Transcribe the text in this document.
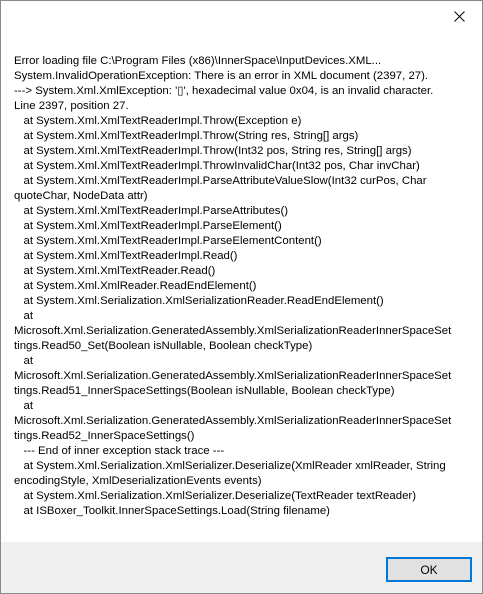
Error loading file C:\Program Files (x86)\InnerSpace\InputDevices.XML...
System.InvalidOperationException: There is an error in XML document (2397, 27).
---> System.Xml.XmlException: '▯', hexadecimal value 0x04, is an invalid character. Line 2397, position 27.
at System.Xml.XmlTextReaderImpl.Throw(Exception e)
at System.Xml.XmlTextReaderImpl.Throw(String res, String[] args)
at System.Xml.XmlTextReaderImpl.Throw(Int32 pos, String res, String[] args)
at System.Xml.XmlTextReaderImpl.ThrowInvalidChar(Int32 pos, Char invChar)
at System.Xml.XmlTextReaderImpl.ParseAttributeValueSlow(Int32 curPos, Char quoteChar, NodeData attr)
at System.Xml.XmlTextReaderImpl.ParseAttributes()
at System.Xml.XmlTextReaderImpl.ParseElement()
at System.Xml.XmlTextReaderImpl.ParseElementContent()
at System.Xml.XmlTextReaderImpl.Read()
at System.Xml.XmlTextReader.Read()
at System.Xml.XmlReader.ReadEndElement()
at System.Xml.Serialization.XmlSerializationReader.ReadEndElement()
at
Microsoft.Xml.Serialization.GeneratedAssembly.XmlSerializationReaderInnerSpaceSettings.Read50_Set(Boolean isNullable, Boolean checkType)
at
Microsoft.Xml.Serialization.GeneratedAssembly.XmlSerializationReaderInnerSpaceSettings.Read51_InnerSpaceSettings(Boolean isNullable, Boolean checkType)
at
Microsoft.Xml.Serialization.GeneratedAssembly.XmlSerializationReaderInnerSpaceSettings.Read52_InnerSpaceSettings()
--- End of inner exception stack trace ---
at System.Xml.Serialization.XmlSerializer.Deserialize(XmlReader xmlReader, String encodingStyle, XmlDeserializationEvents events)
at System.Xml.Serialization.XmlSerializer.Deserialize(TextReader textReader)
at ISBoxer_Toolkit.InnerSpaceSettings.Load(String filename)
OK
